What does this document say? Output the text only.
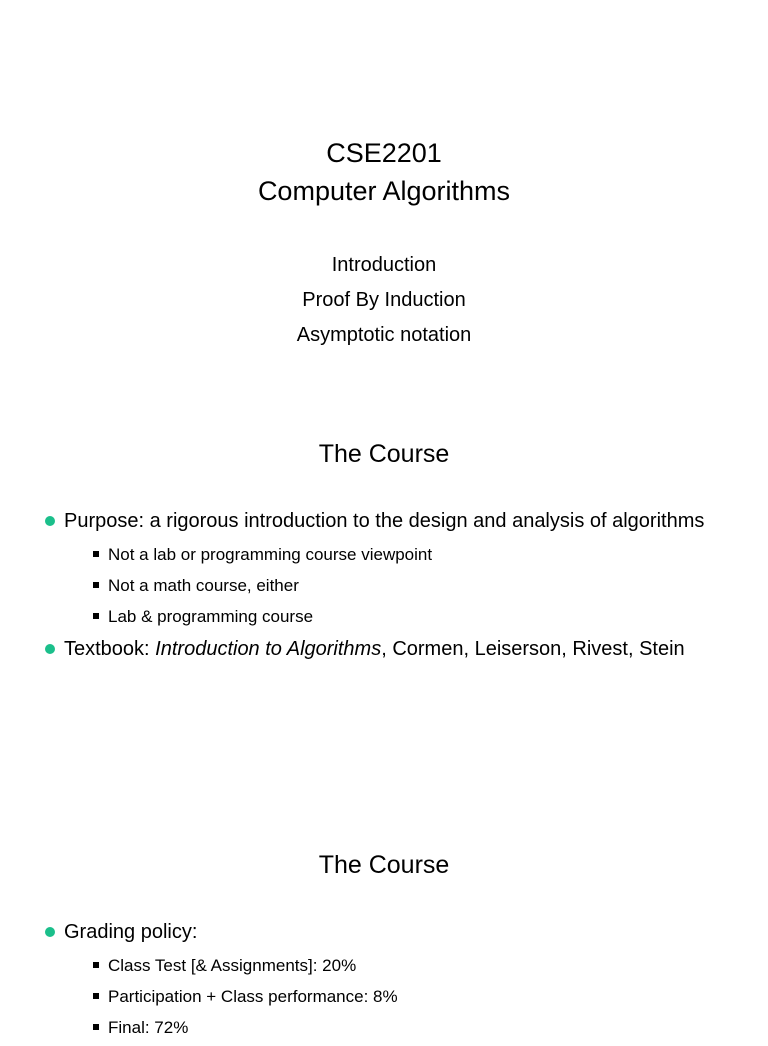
CSE2201
Computer Algorithms
Introduction
Proof By Induction
Asymptotic notation
The Course
Purpose: a rigorous introduction to the design and analysis of algorithms
Not a lab or programming course viewpoint
Not a math course, either
Lab & programming course
Textbook: Introduction to Algorithms, Cormen, Leiserson, Rivest, Stein
The Course
Grading policy:
Class Test [& Assignments]: 20%
Participation + Class performance: 8%
Final: 72%
